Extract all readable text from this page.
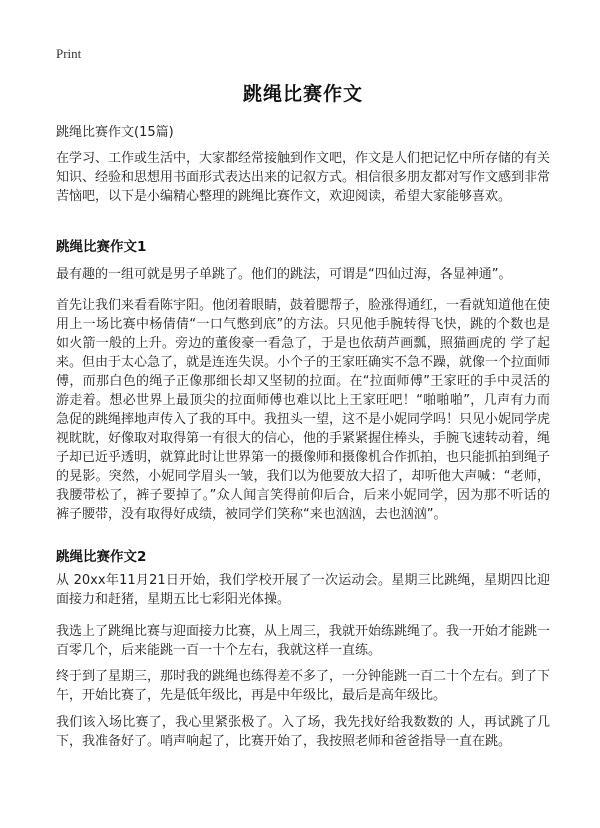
Print
跳绳比赛作文
跳绳比赛作文(15篇)

在学习、工作或生活中，大家都经常接触到作文吧，作文是人们把记忆中所存储的有关知识、经验和思想用书面形式表达出来的记叙方式。相信很多朋友都对写作文感到非常苦恼吧，以下是小编精心整理的跳绳比赛作文，欢迎阅读，希望大家能够喜欢。

跳绳比赛作文1

最有趣的一组可就是男子单跳了。他们的跳法，可谓是“四仙过海，各显神通”。

首先让我们来看看陈宇阳。他闭着眼睛，鼓着腮帮子，脸涨得通红，一看就知道他在使用上一场比赛中杨倩倩“一口气憋到底”的方法。只见他手腕转得飞快，跳的个数也是如火箭一般的上升。旁边的董俊豪一看急了，于是也依葫芦画瓢，照猫画虎的 学了起来。但由于太心急了，就是连连失误。小个子的王家旺确实不急不躁，就像一个拉面师傅，而那白色的绳子正像那细长却又坚韧的拉面。在“拉面师傅”王家旺的手中灵活的游走着。想必世界上最顶尖的拉面师傅也难以比上王家旺吧！“啪啪啪”，几声有力而急促的跳绳摔地声传入了我的耳中。我扭头一望，这不是小妮同学吗！只见小妮同学虎视眈眈，好像取对取得第一有很大的信心，他的手紧紧握住棒头，手腕飞速转动着，绳子却已近乎透明，就算此时让世界第一的摄像师和摄像机合作抓拍，也只能抓拍到绳子的晃影。突然，小妮同学眉头一皱，我们以为他要放大招了，却听他大声喊：“老师，我腰带松了，裤子要掉了。”众人闻言笑得前仰后合，后来小妮同学，因为那不听话的裤子腰带，没有取得好成绩，被同学们笑称“来也汹汹，去也汹汹”。

跳绳比赛作文2

从 20xx年11月21日开始，我们学校开展了一次运动会。星期三比跳绳，星期四比迎面接力和赶猪，星期五比七彩阳光体操。

我选上了跳绳比赛与迎面接力比赛，从上周三，我就开始练跳绳了。我一开始才能跳一百零几个，后来能跳一百一十个左右，我就这样一直练。

终于到了星期三，那时我的跳绳也练得差不多了，一分钟能跳一百二十个左右。到了下午，开始比赛了，先是低年级比，再是中年级比，最后是高年级比。

我们该入场比赛了，我心里紧张极了。入了场，我先找好给我数数的 人，再试跳了几下，我准备好了。哨声响起了，比赛开始了，我按照老师和爸爸指导一直在跳。
